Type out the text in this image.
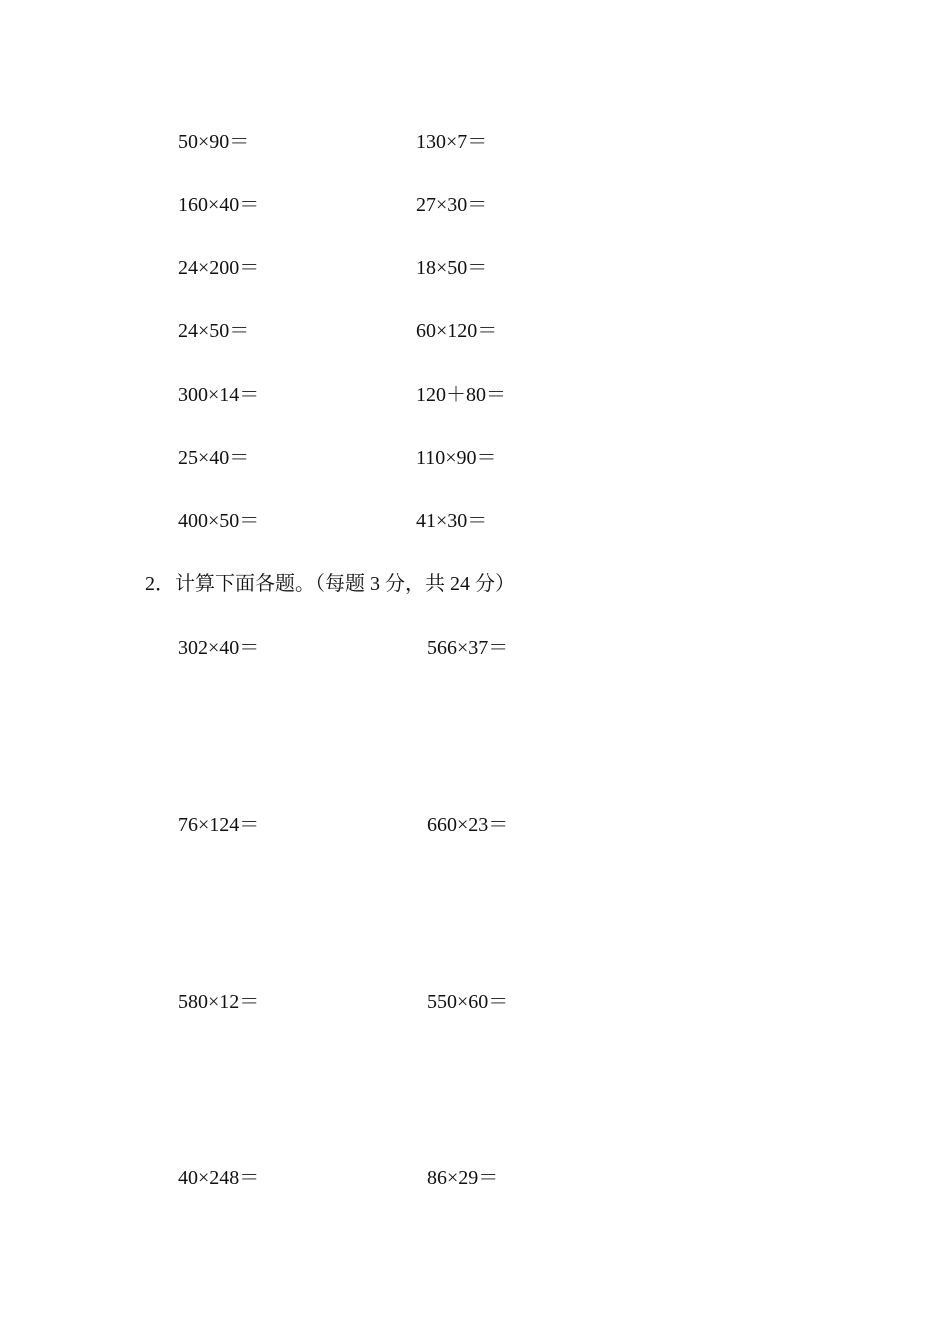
50×90＝	130×7＝
160×40＝	27×30＝
24×200＝	18×50＝
24×50＝	60×120＝
300×14＝	120＋80＝
25×40＝	110×90＝
400×50＝	41×30＝
2．计算下面各题。（每题 3 分，共 24 分）
302×40＝	566×37＝
76×124＝	660×23＝
580×12＝	550×60＝
40×248＝	86×29＝
